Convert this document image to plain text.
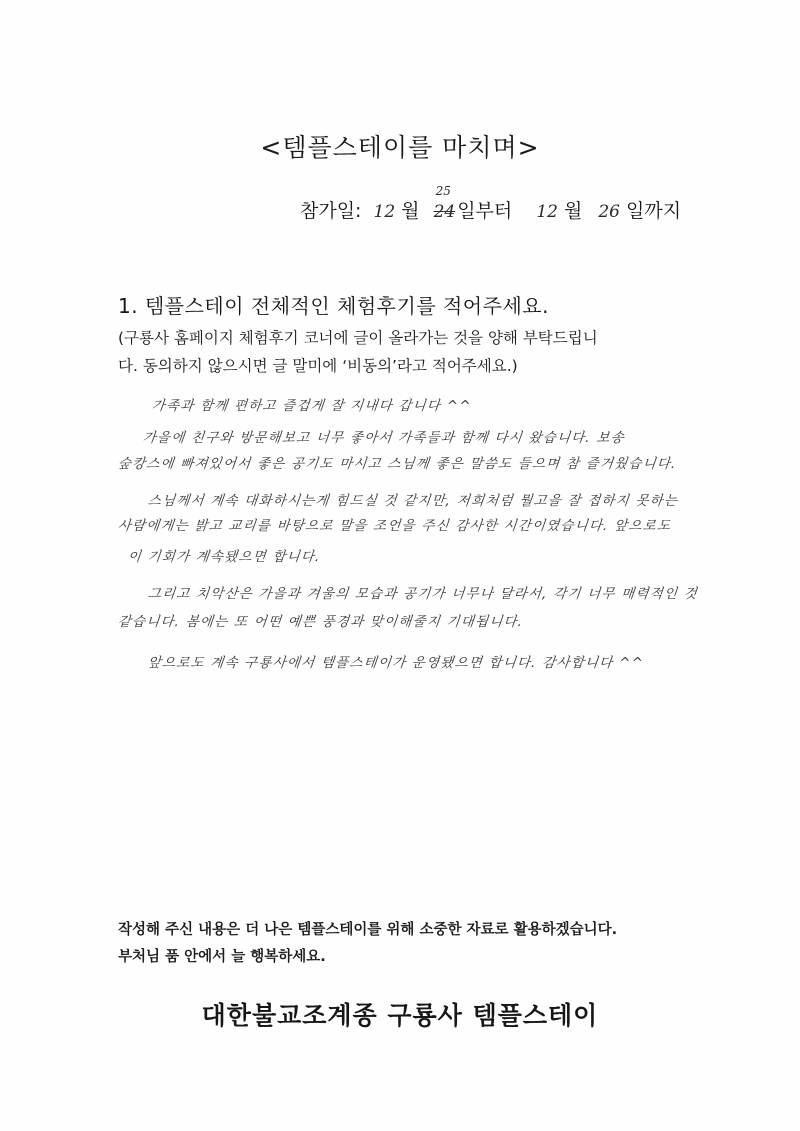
<템플스테이를 마치며>
참가일: 12 월
25
24 일부터 12 월 26 일까지
1. 템플스테이 전체적인 체험후기를 적어주세요.
(구룡사 홈페이지 체험후기 코너에 글이 올라가는 것을 양해 부탁드립니
다. 동의하지 않으시면 글 말미에 ‘비동의’라고 적어주세요.)
가족과 함께 편하고 즐겁게 잘 지내다 갑니다 ^^
가을에 친구와 방문해보고 너무 좋아서 가족들과 함께 다시 왔습니다. 보송
숲캉스에 빠져있어서 좋은 공기도 마시고 스님께 좋은 말씀도 들으며 참 즐거웠습니다.
스님께서 계속 대화하시는게 힘드실 것 같지만, 저희처럼 뭘고을 잘 접하지 못하는
사람에게는 밝고 교리를 바탕으로 말을 조언을 주신 감사한 시간이였습니다. 앞으로도
이 기회가 계속됐으면 합니다.
그리고 치악산은 가을과 겨울의 모습과 공기가 너무나 달라서, 각기 너무 매력적인 것
같습니다. 봄에는 또 어떤 예쁜 풍경과 맞이해줄지 기대됩니다.
앞으로도 계속 구룡사에서 템플스테이가 운영됐으면 합니다. 감사합니다 ^^
작성해 주신 내용은 더 나은 템플스테이를 위해 소중한 자료로 활용하겠습니다.
부처님 품 안에서 늘 행복하세요.
대한불교조계종 구룡사 템플스테이
